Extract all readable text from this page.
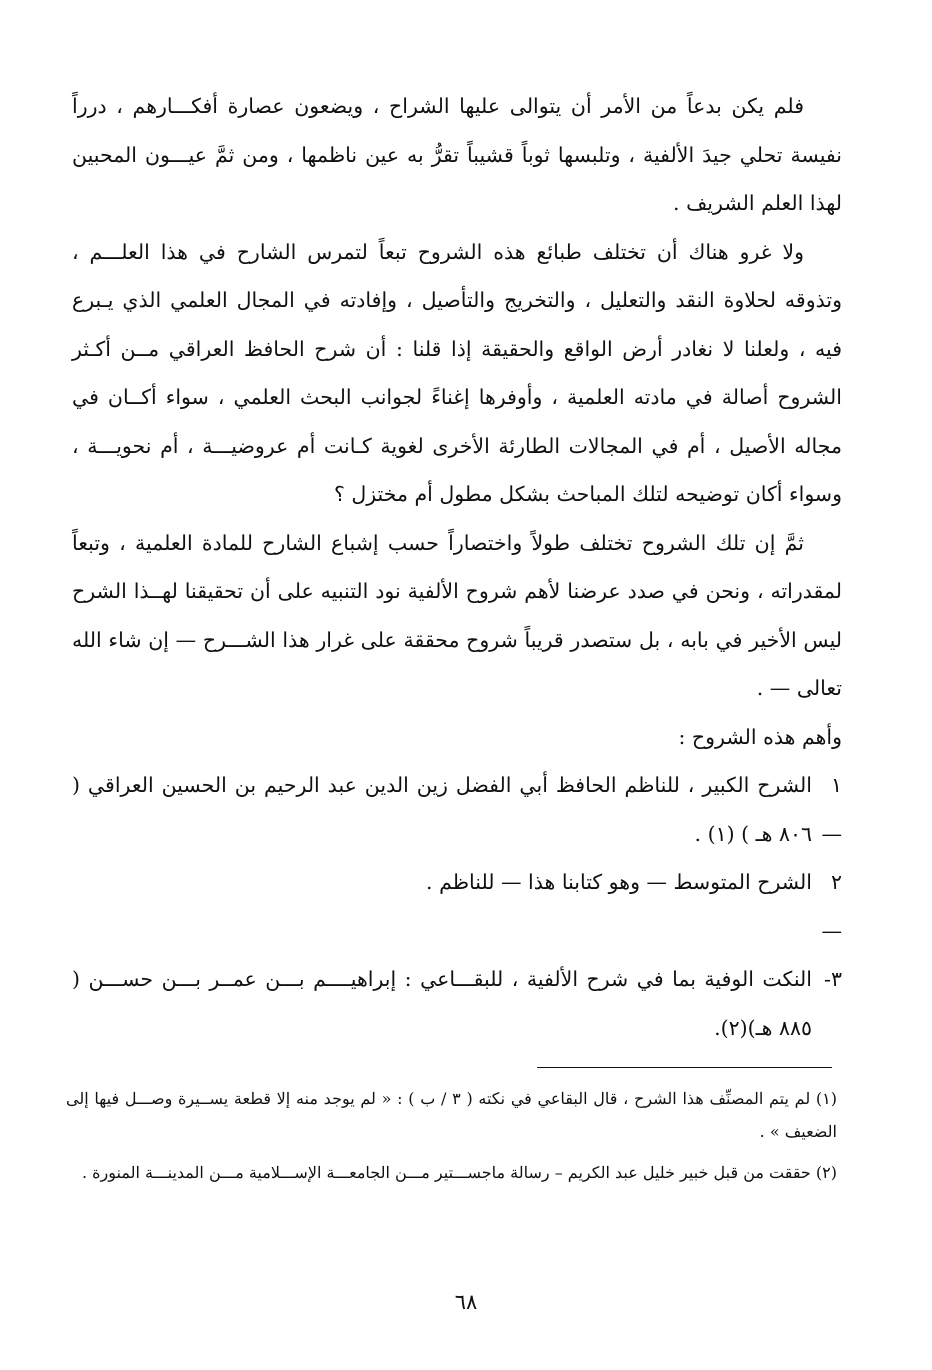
فلم يكن بدعاً من الأمر أن يتوالى عليها الشراح ، ويضعون عصارة أفكـــارهم ، درراً نفيسة تحلي جيدَ الألفية ، وتلبسها ثوباً قشيباً تقرُّ به عين ناظمها ، ومن ثمَّ عيـــون المحبين لهذا العلم الشريف .

ولا غرو هناك أن تختلف طبائع هذه الشروح تبعاً لتمرس الشارح في هذا العلـــم ، وتذوقه لحلاوة النقد والتعليل ، والتخريج والتأصيل ، وإفادته في المجال العلمي الذي يـبرع فيه ، ولعلنا لا نغادر أرض الواقع والحقيقة إذا قلنا : أن شرح الحافظ العراقي مــن أكـثر الشروح أصالة في مادته العلمية ، وأوفرها إغناءً لجوانب البحث العلمي ، سواء أكــان في مجاله الأصيل ، أم في المجالات الطارئة الأخرى لغوية كـانت أم عروضيـــة ، أم نحويـــة ، وسواء أكان توضيحه لتلك المباحث بشكل مطول أم مختزل ؟

ثمَّ إن تلك الشروح تختلف طولاً واختصاراً حسب إشباع الشارح للمادة العلمية ، وتبعاً لمقدراته ، ونحن في صدد عرضنا لأهم شروح الألفية نود التنبيه على أن تحقيقنا لهــذا الشرح ليس الأخير في بابه ، بل ستصدر قريباً شروح محققة على غرار هذا الشـــرح — إن شاء الله تعالى — .

وأهم هذه الشروح :

١ —
الشرح الكبير ، للناظم الحافظ أبي الفضل زين الدين عبد الرحيم بن الحسين العراقي ( ٨٠٦ هـ ) (١) .
٢ —
الشرح المتوسط — وهو كتابنا هذا — للناظم .
٣-
النكت الوفية بما في شرح الألفية ، للبقـــاعي : إبراهيــــم بـــن عمــر بـــن حســـن ( ٨٨٥ هـ)(٢).

(١) لم يتم المصنِّف هذا الشرح ، قال البقاعي في نكته ( ٣ / ب ) : « لم يوجد منه إلا قطعة يســيرة وصـــل فيها إلى الضعيف » .

(٢) حققت من قبل خبير خليل عبد الكريم – رسالة ماجســـتير مـــن الجامعـــة الإســـلامية مـــن المدينـــة المنورة .

٦٨
